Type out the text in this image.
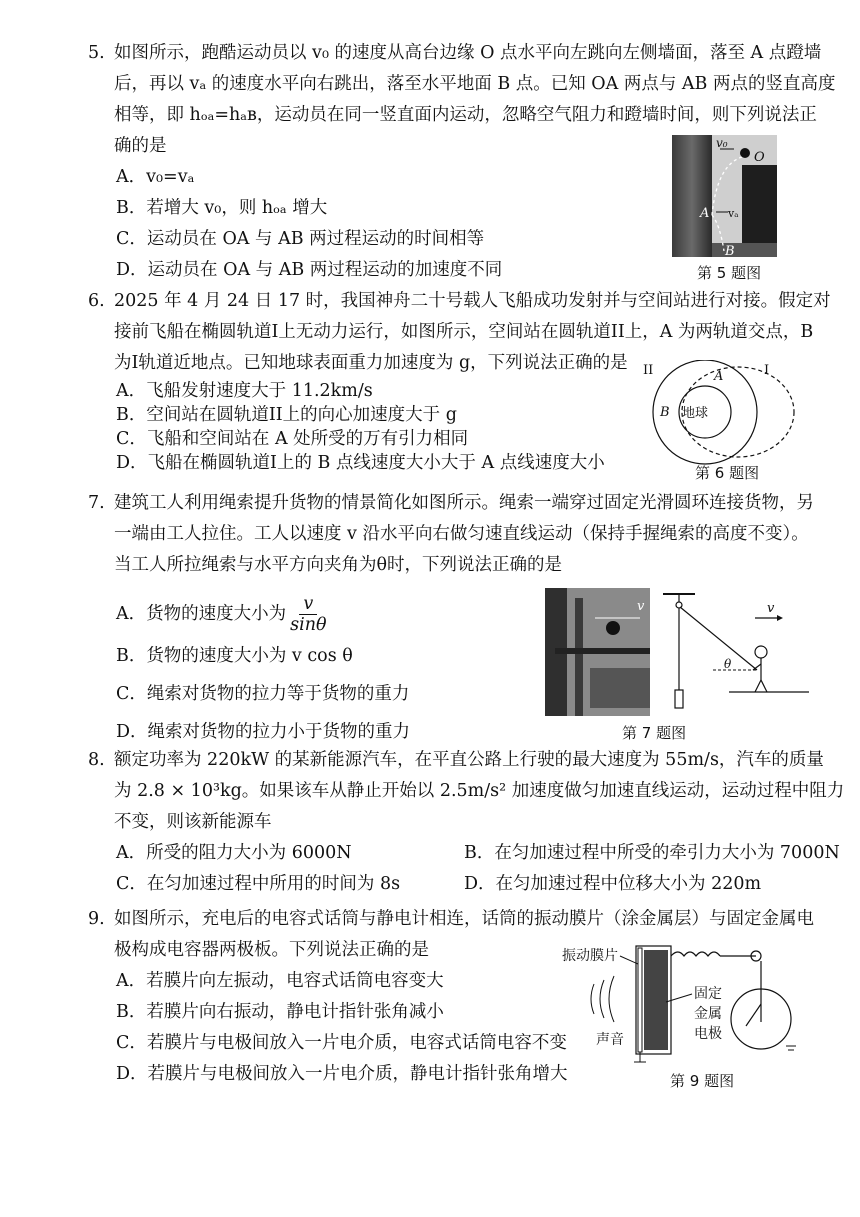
5. 如图所示，跑酷运动员以 v₀ 的速度从高台边缘 O 点水平向左跳向左侧墙面，落至 A 点蹬墙
后，再以 vₐ 的速度水平向右跳出，落至水平地面 B 点。已知 OA 两点与 AB 两点的竖直高度
相等，即 hₒₐ=hₐʙ，运动员在同一竖直面内运动，忽略空气阻力和蹬墙时间，则下列说法正
确的是
A．v₀=vₐ
B．若增大 v₀，则 hₒₐ 增大
C．运动员在 OA 与 AB 两过程运动的时间相等
D．运动员在 OA 与 AB 两过程运动的加速度不同
v₀
O
A vₐ
B
第 5 题图
6. 2025 年 4 月 24 日 17 时，我国神舟二十号载人飞船成功发射并与空间站进行对接。假定对
接前飞船在椭圆轨道I上无动力运行，如图所示，空间站在圆轨道II上，A 为两轨道交点，B
为I轨道近地点。已知地球表面重力加速度为 g，下列说法正确的是
A．飞船发射速度大于 11.2km/s
B．空间站在圆轨道II上的向心加速度大于 g
C．飞船和空间站在 A 处所受的万有引力相同
D．飞船在椭圆轨道I上的 B 点线速度大小大于 A 点线速度大小
II	I
A
B 地球
第 6 题图
7. 建筑工人利用绳索提升货物的情景简化如图所示。绳索一端穿过固定光滑圆环连接货物，另
一端由工人拉住。工人以速度 v 沿水平向右做匀速直线运动（保持手握绳索的高度不变）。
当工人所拉绳索与水平方向夹角为θ时，下列说法正确的是
A．货物的速度大小为 $\frac{v}{\sin\theta}$
B．货物的速度大小为 v cos θ
C．绳索对货物的拉力等于货物的重力
D．绳索对货物的拉力小于货物的重力
v
θ
v
第 7 题图
8. 额定功率为 220kW 的某新能源汽车，在平直公路上行驶的最大速度为 55m/s，汽车的质量
为 2.8 × 10³kg。如果该车从静止开始以 2.5m/s² 加速度做匀加速直线运动，运动过程中阻力
不变，则该新能源车
A．所受的阻力大小为 6000N	B．在匀加速过程中所受的牵引力大小为 7000N
C．在匀加速过程中所用的时间为 8s	D．在匀加速过程中位移大小为 220m
9. 如图所示，充电后的电容式话筒与静电计相连，话筒的振动膜片（涂金属层）与固定金属电
极构成电容器两极板。下列说法正确的是
A．若膜片向左振动，电容式话筒电容变大
B．若膜片向右振动，静电计指针张角减小
C．若膜片与电极间放入一片电介质，电容式话筒电容不变
D．若膜片与电极间放入一片电介质，静电计指针张角增大
振动膜片
固定
金属
电极
声音
第 9 题图
